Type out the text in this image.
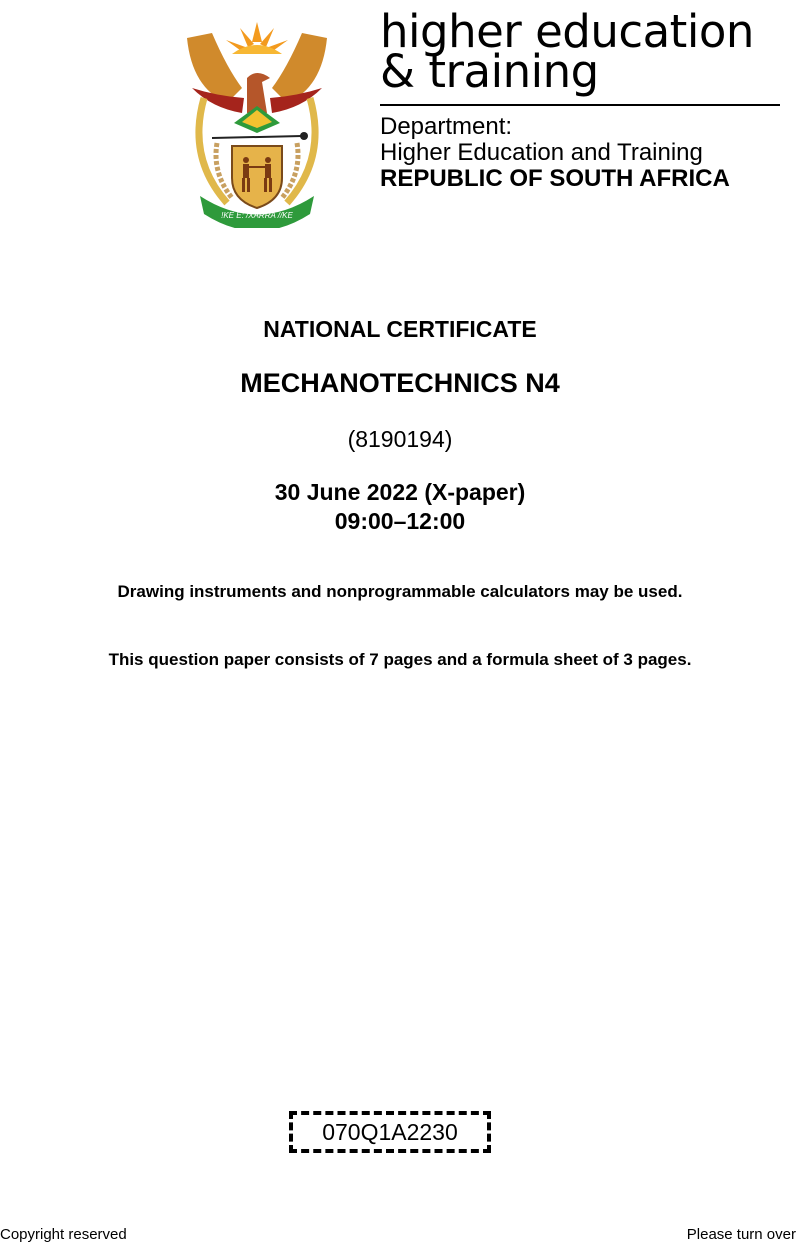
!KE E: /XARRA //KE
higher education
& training
Department:
Higher Education and Training
REPUBLIC OF SOUTH AFRICA
NATIONAL CERTIFICATE
MECHANOTECHNICS N4
(8190194)
30 June 2022 (X-paper)
09:00–12:00
Drawing instruments and nonprogrammable calculators may be used.
This question paper consists of 7 pages and a formula sheet of 3 pages.
070Q1A2230
Copyright reserved	Please turn over
